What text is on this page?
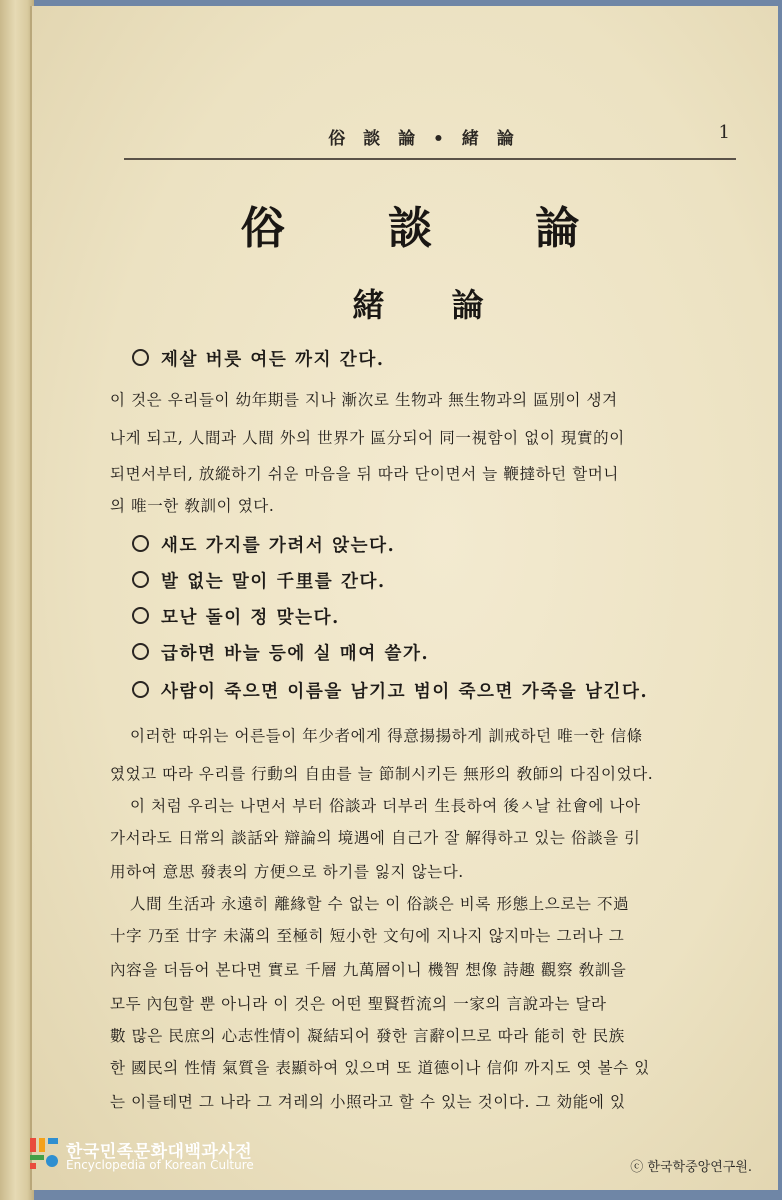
俗 談 論 • 緒 論	1
俗 談 論
緒 論
제살 버릇 여든 까지 간다.
이 것은 우리들이 幼年期를 지나 漸次로 生物과 無生物과의 區別이 생겨
나게 되고, 人間과 人間 外의 世界가 區分되어 同一視함이 없이 現實的이
되면서부터, 放縱하기 쉬운 마음을 뒤 따라 단이면서 늘 鞭撻하던 할머니
의 唯一한 敎訓이 였다.
새도 가지를 가려서 앉는다.
발 없는 말이 千里를 간다.
모난 돌이 정 맞는다.
급하면 바늘 등에 실 매여 쓸가.
사람이 죽으면 이름을 남기고 범이 죽으면 가죽을 남긴다.
이러한 따위는 어른들이 年少者에게 得意揚揚하게 訓戒하던 唯一한 信條
였었고 따라 우리를 行動의 自由를 늘 節制시키든 無形의 敎師의 다짐이었다.
이 처럼 우리는 나면서 부터 俗談과 더부러 生長하여 後ㅅ날 社會에 나아
가서라도 日常의 談話와 辯論의 境遇에 自己가 잘 解得하고 있는 俗談을 引
用하여 意思 發表의 方便으로 하기를 잃지 않는다.
人間 生活과 永遠히 離緣할 수 없는 이 俗談은 비록 形態上으로는 不過
十字 乃至 廿字 未滿의 至極히 短小한 文句에 지나지 않지마는 그러나 그
內容을 더듬어 본다면 實로 千層 九萬層이니 機智 想像 詩趣 觀察 敎訓을
모두 內包할 뿐 아니라 이 것은 어떤 聖賢哲流의 一家의 言說과는 달라
數 많은 民庶의 心志性情이 凝結되어 發한 言辭이므로 따라 能히 한 民族
한 國民의 性情 氣質을 表顯하여 있으며 또 道德이나 信仰 까지도 엿 볼수 있
는 이를테면 그 나라 그 겨레의 小照라고 할 수 있는 것이다. 그 効能에 있
한국민족문화대백과사전
Encyclopedia of Korean Culture	ⓒ 한국학중앙연구원.
